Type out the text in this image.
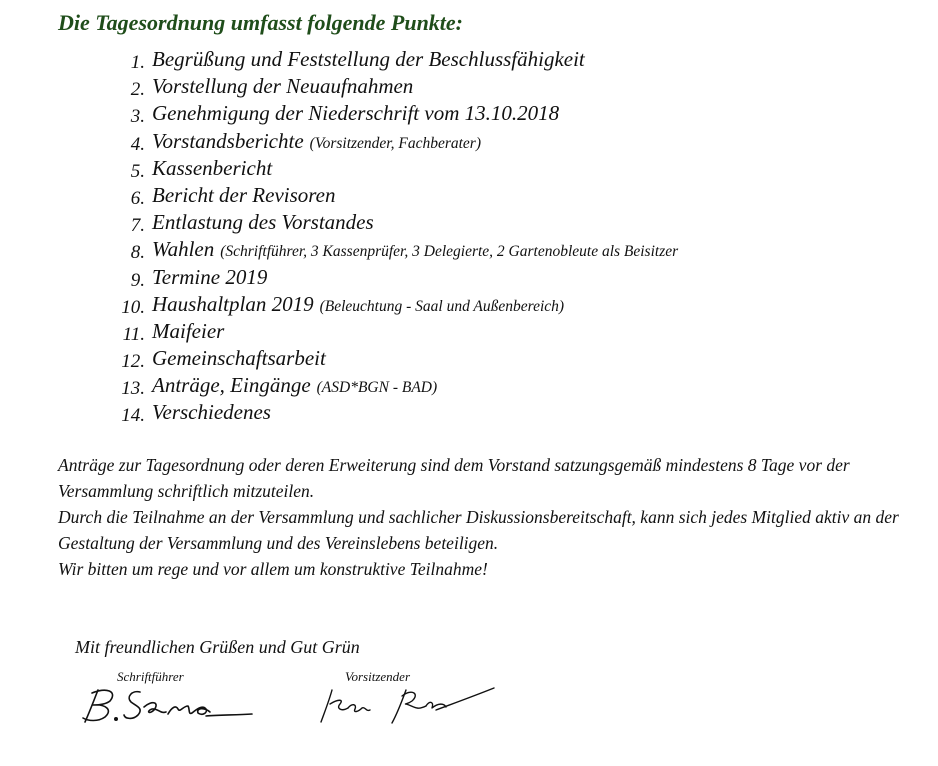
Die Tagesordnung umfasst folgende Punkte:
1. Begrüßung und Feststellung der Beschlussfähigkeit
2. Vorstellung der Neuaufnahmen
3. Genehmigung der Niederschrift vom 13.10.2018
4. Vorstandsberichte (Vorsitzender, Fachberater)
5. Kassenbericht
6. Bericht der Revisoren
7. Entlastung des Vorstandes
8. Wahlen (Schriftführer, 3 Kassenprüfer, 3 Delegierte, 2 Gartenobleute als Beisitzer
9. Termine 2019
10. Haushaltplan 2019 (Beleuchtung - Saal und Außenbereich)
11. Maifeier
12. Gemeinschaftsarbeit
13. Anträge, Eingänge (ASD*BGN - BAD)
14. Verschiedenes

Anträge zur Tagesordnung oder deren Erweiterung sind dem Vorstand satzungsgemäß mindestens 8 Tage vor der Versammlung schriftlich mitzuteilen.

Durch die Teilnahme an der Versammlung und sachlicher Diskussionsbereitschaft, kann sich jedes Mitglied aktiv an der Gestaltung der Versammlung und des Vereinslebens beteiligen.

Wir bitten um rege und vor allem um konstruktive Teilnahme!

Mit freundlichen Grüßen und Gut Grün
Schriftführer	Vorsitzender
